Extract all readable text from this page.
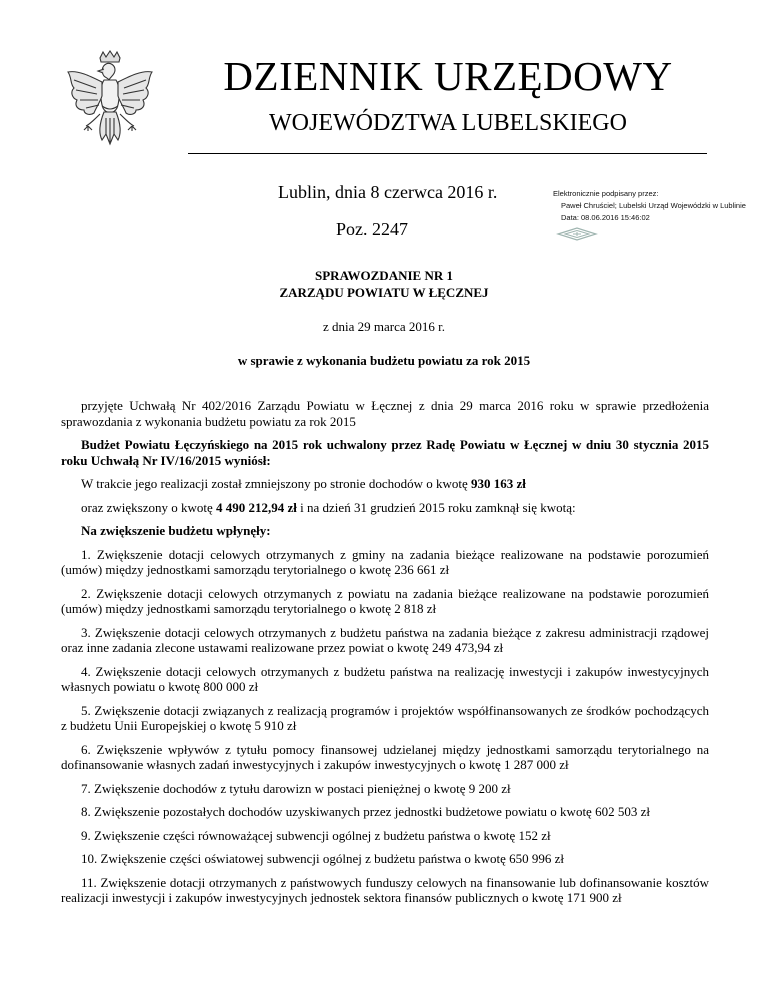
DZIENNIK URZĘDOWY
WOJEWÓDZTWA LUBELSKIEGO
Lublin, dnia 8 czerwca 2016 r.
Poz. 2247
Elektronicznie podpisany przez:
Paweł Chruściel; Lubelski Urząd Wojewódzki w Lublinie
Data: 08.06.2016 15:46:02
SPRAWOZDANIE NR 1
ZARZĄDU POWIATU W ŁĘCZNEJ
z dnia 29 marca 2016 r.
w sprawie z wykonania budżetu powiatu za rok 2015

przyjęte Uchwałą Nr 402/2016 Zarządu Powiatu w Łęcznej z dnia 29 marca 2016 roku w sprawie przedłożenia sprawozdania z wykonania budżetu powiatu za rok 2015

Budżet Powiatu Łęczyńskiego na 2015 rok uchwalony przez Radę Powiatu w Łęcznej w dniu 30 stycznia 2015 roku Uchwałą Nr IV/16/2015 wyniósł:

W trakcie jego realizacji został zmniejszony po stronie dochodów o kwotę 930 163 zł

oraz zwiększony o kwotę 4 490 212,94 zł i na dzień 31 grudzień 2015 roku zamknął się kwotą:

Na zwiększenie budżetu wpłynęły:

1. Zwiększenie dotacji celowych otrzymanych z gminy na zadania bieżące realizowane na podstawie porozumień (umów) między jednostkami samorządu terytorialnego o kwotę 236 661 zł

2. Zwiększenie dotacji celowych otrzymanych z powiatu na zadania bieżące realizowane na podstawie porozumień (umów) między jednostkami samorządu terytorialnego o kwotę 2 818 zł

3. Zwiększenie dotacji celowych otrzymanych z budżetu państwa na zadania bieżące z zakresu administracji rządowej oraz inne zadania zlecone ustawami realizowane przez powiat o kwotę 249 473,94 zł

4. Zwiększenie dotacji celowych otrzymanych z budżetu państwa na realizację inwestycji i zakupów inwestycyjnych własnych powiatu o kwotę 800 000 zł

5. Zwiększenie dotacji związanych z realizacją programów i projektów współfinansowanych ze środków pochodzących z budżetu Unii Europejskiej o kwotę 5 910 zł

6. Zwiększenie wpływów z tytułu pomocy finansowej udzielanej między jednostkami samorządu terytorialnego na dofinansowanie własnych zadań inwestycyjnych i zakupów inwestycyjnych o kwotę 1 287 000 zł

7. Zwiększenie dochodów z tytułu darowizn w postaci pieniężnej o kwotę 9 200 zł

8. Zwiększenie pozostałych dochodów uzyskiwanych przez jednostki budżetowe powiatu o kwotę 602 503 zł

9. Zwiększenie części równoważącej subwencji ogólnej z budżetu państwa o kwotę 152 zł

10. Zwiększenie części oświatowej subwencji ogólnej z budżetu państwa o kwotę 650 996 zł

11. Zwiększenie dotacji otrzymanych z państwowych funduszy celowych na finansowanie lub dofinansowanie kosztów realizacji inwestycji i zakupów inwestycyjnych jednostek sektora finansów publicznych o kwotę 171 900 zł
